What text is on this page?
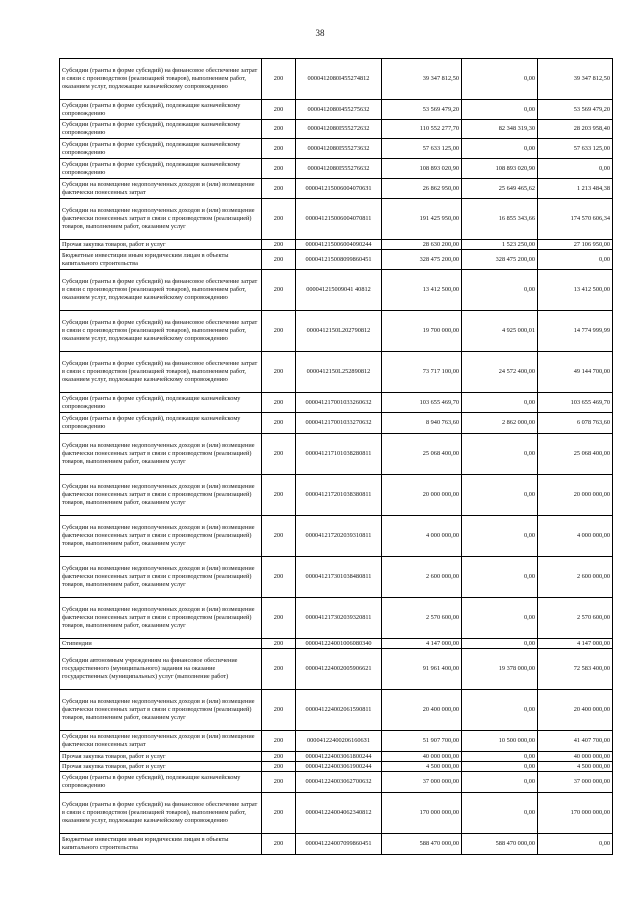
38
Субсидии (гранты в форме субсидий) на финансовое обеспечение затрат в связи с производством (реализацией товаров), выполнением работ, оказанием услуг, подлежащие казначейскому сопровождению	200	0000412080I455274812	39 347 812,50	0,00	39 347 812,50
Субсидии (гранты в форме субсидий), подлежащие казначейскому сопровождению	200	0000412080I455275632	53 569 479,20	0,00	53 569 479,20
Субсидии (гранты в форме субсидий), подлежащие казначейскому сопровождению	200	0000412080I555272632	110 552 277,70	82 348 319,30	28 203 958,40
Субсидии (гранты в форме субсидий), подлежащие казначейскому сопровождению	200	0000412080I555273632	57 633 125,00	0,00	57 633 125,00
Субсидии (гранты в форме субсидий), подлежащие казначейскому сопровождению	200	0000412080I555276632	108 893 020,90	108 893 020,90	0,00
Субсидии на возмещение недополученных доходов и (или) возмещение фактически понесенных затрат	200	0000412150060040706З1	26 862 950,00	25 649 465,62	1 213 484,38
Субсидии на возмещение недополученных доходов и (или) возмещение фактически понесенных затрат в связи с производством (реализацией) товаров, выполнением работ, оказанием услуг	200	000041215006004070811	191 425 950,00	16 855 343,66	174 570 606,34
Прочая закупка товаров, работ и услуг	200	000041215006004090244	28 630 200,00	1 523 250,00	27 106 950,00
Бюджетные инвестиции иным юридическим лицам в объекты капитального строительства	200	000041215008099860451	328 475 200,00	328 475 200,00	0,00
Субсидии (гранты в форме субсидий) на финансовое обеспечение затрат в связи с производством (реализацией товаров), выполнением работ, оказанием услуг, подлежащие казначейскому сопровождению	200	000041215009041 40812	13 412 500,00	0,00	13 412 500,00
Субсидии (гранты в форме субсидий) на финансовое обеспечение затрат в связи с производством (реализацией товаров), выполнением работ, оказанием услуг, подлежащие казначейскому сопровождению	200	0000412150L202790812	19 700 000,00	4 925 000,01	14 774 999,99
Субсидии (гранты в форме субсидий) на финансовое обеспечение затрат в связи с производством (реализацией товаров), выполнением работ, оказанием услуг, подлежащие казначейскому сопровождению	200	0000412150L252890812	73 717 100,00	24 572 400,00	49 144 700,00
Субсидии (гранты в форме субсидий), подлежащие казначейскому сопровождению	200	000041217001033260632	103 655 469,70	0,00	103 655 469,70
Субсидии (гранты в форме субсидий), подлежащие казначейскому сопровождению	200	000041217001033270632	8 940 763,60	2 862 000,00	6 078 763,60
Субсидии на возмещение недополученных доходов и (или) возмещение фактически понесенных затрат в связи с производством (реализацией) товаров, выполнением работ, оказанием услуг	200	000041217101038280811	25 068 400,00	0,00	25 068 400,00
Субсидии на возмещение недополученных доходов и (или) возмещение фактически понесенных затрат в связи с производством (реализацией) товаров, выполнением работ, оказанием услуг	200	000041217201038380811	20 000 000,00	0,00	20 000 000,00
Субсидии на возмещение недополученных доходов и (или) возмещение фактически понесенных затрат в связи с производством (реализацией) товаров, выполнением работ, оказанием услуг	200	000041217202039310811	4 000 000,00	0,00	4 000 000,00
Субсидии на возмещение недополученных доходов и (или) возмещение фактически понесенных затрат в связи с производством (реализацией) товаров, выполнением работ, оказанием услуг	200	000041217301038480811	2 600 000,00	0,00	2 600 000,00
Субсидии на возмещение недополученных доходов и (или) возмещение фактически понесенных затрат в связи с производством (реализацией) товаров, выполнением работ, оказанием услуг	200	000041217302039320811	2 570 600,00	0,00	2 570 600,00
Стипендии	200	000041224001006080340	4 147 000,00	0,00	4 147 000,00
Субсидии автономным учреждениям на финансовое обеспечение государственного (муниципального) задания на оказание государственных (муниципальных) услуг (выполнение работ)	200	000041224002005906621	91 961 400,00	19 378 000,00	72 583 400,00
Субсидии на возмещение недополученных доходов и (или) возмещение фактически понесенных затрат в связи с производством (реализацией) товаров, выполнением работ, оказанием услуг	200	000041224002061590811	20 400 000,00	0,00	20 400 000,00
Субсидии на возмещение недополученных доходов и (или) возмещение фактически понесенных затрат	200	000041224002061606З1	51 907 700,00	10 500 000,00	41 407 700,00
Прочая закупка товаров, работ и услуг	200	000041224003061800244	40 000 000,00	0,00	40 000 000,00
Прочая закупка товаров, работ и услуг	200	000041224003061900244	4 500 000,00	0,00	4 500 000,00
Субсидии (гранты в форме субсидий), подлежащие казначейскому сопровождению	200	000041224003062700632	37 000 000,00	0,00	37 000 000,00
Субсидии (гранты в форме субсидий) на финансовое обеспечение затрат в связи с производством (реализацией товаров), выполнением работ, оказанием услуг, подлежащие казначейскому сопровождению	200	000041224004062340812	170 000 000,00	0,00	170 000 000,00
Бюджетные инвестиции иным юридическим лицам в объекты капитального строительства	200	000041224007099860451	588 470 000,00	588 470 000,00	0,00
